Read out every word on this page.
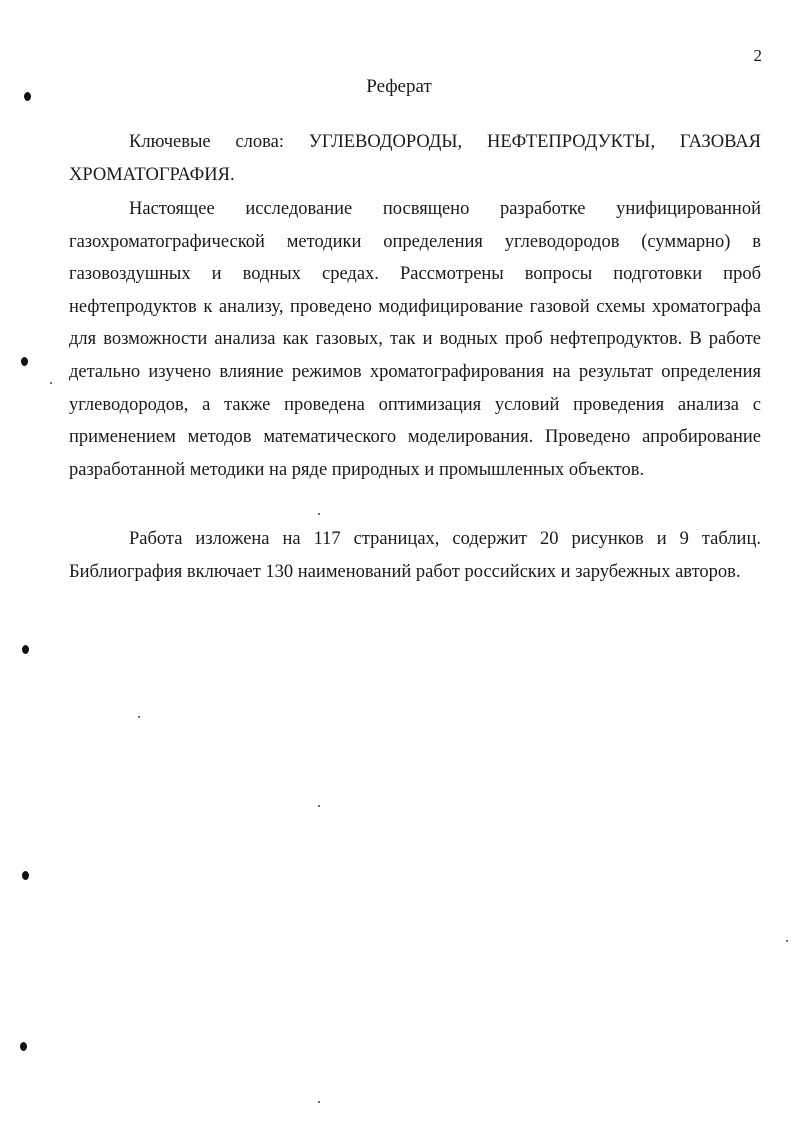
2
Реферат

Ключевые слова: УГЛЕВОДОРОДЫ, НЕФТЕПРОДУКТЫ, ГАЗОВАЯ ХРОМАТОГРАФИЯ.

Настоящее исследование посвящено разработке унифицированной газохроматографической методики определения углеводородов (суммарно) в газовоздушных и водных средах. Рассмотрены вопросы подготовки проб нефтепродуктов к анализу, проведено модифицирование газовой схемы хроматографа для возможности анализа как газовых, так и водных проб нефтепродуктов. В работе детально изучено влияние режимов хроматографирования на результат определения углеводородов, а также проведена оптимизация условий проведения анализа с применением методов математического моделирования. Проведено апробирование разработанной методики на ряде природных и промышленных объектов.

Работа изложена на 117 страницах, содержит 20 рисунков и 9 таблиц. Библиография включает 130 наименований работ российских и зарубежных авторов.
